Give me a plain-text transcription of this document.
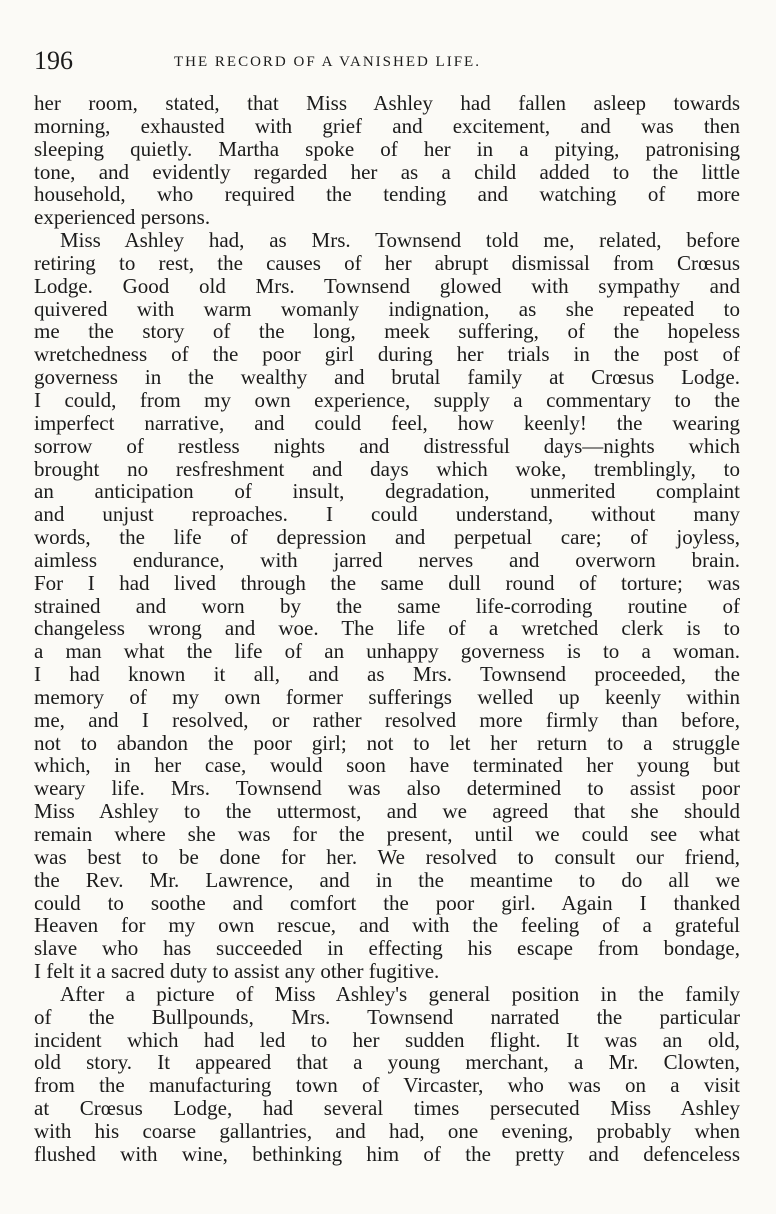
196	THE RECORD OF A VANISHED LIFE.
her room, stated, that Miss Ashley had fallen asleep towards
morning, exhausted with grief and excitement, and was then
sleeping quietly. Martha spoke of her in a pitying, patronising
tone, and evidently regarded her as a child added to the little
household, who required the tending and watching of more
experienced persons.
Miss Ashley had, as Mrs. Townsend told me, related, before
retiring to rest, the causes of her abrupt dismissal from Crœsus
Lodge. Good old Mrs. Townsend glowed with sympathy and
quivered with warm womanly indignation, as she repeated to
me the story of the long, meek suffering, of the hopeless
wretchedness of the poor girl during her trials in the post of
governess in the wealthy and brutal family at Crœsus Lodge.
I could, from my own experience, supply a commentary to the
imperfect narrative, and could feel, how keenly! the wearing
sorrow of restless nights and distressful days—nights which
brought no resfreshment and days which woke, tremblingly, to
an anticipation of insult, degradation, unmerited complaint
and unjust reproaches. I could understand, without many
words, the life of depression and perpetual care; of joyless,
aimless endurance, with jarred nerves and overworn brain.
For I had lived through the same dull round of torture; was
strained and worn by the same life-corroding routine of
changeless wrong and woe. The life of a wretched clerk is to
a man what the life of an unhappy governess is to a woman.
I had known it all, and as Mrs. Townsend proceeded, the
memory of my own former sufferings welled up keenly within
me, and I resolved, or rather resolved more firmly than before,
not to abandon the poor girl; not to let her return to a struggle
which, in her case, would soon have terminated her young but
weary life. Mrs. Townsend was also determined to assist poor
Miss Ashley to the uttermost, and we agreed that she should
remain where she was for the present, until we could see what
was best to be done for her. We resolved to consult our friend,
the Rev. Mr. Lawrence, and in the meantime to do all we
could to soothe and comfort the poor girl. Again I thanked
Heaven for my own rescue, and with the feeling of a grateful
slave who has succeeded in effecting his escape from bondage,
I felt it a sacred duty to assist any other fugitive.
After a picture of Miss Ashley's general position in the family
of the Bullpounds, Mrs. Townsend narrated the particular
incident which had led to her sudden flight. It was an old,
old story. It appeared that a young merchant, a Mr. Clowten,
from the manufacturing town of Vircaster, who was on a visit
at Crœsus Lodge, had several times persecuted Miss Ashley
with his coarse gallantries, and had, one evening, probably when
flushed with wine, bethinking him of the pretty and defenceless
